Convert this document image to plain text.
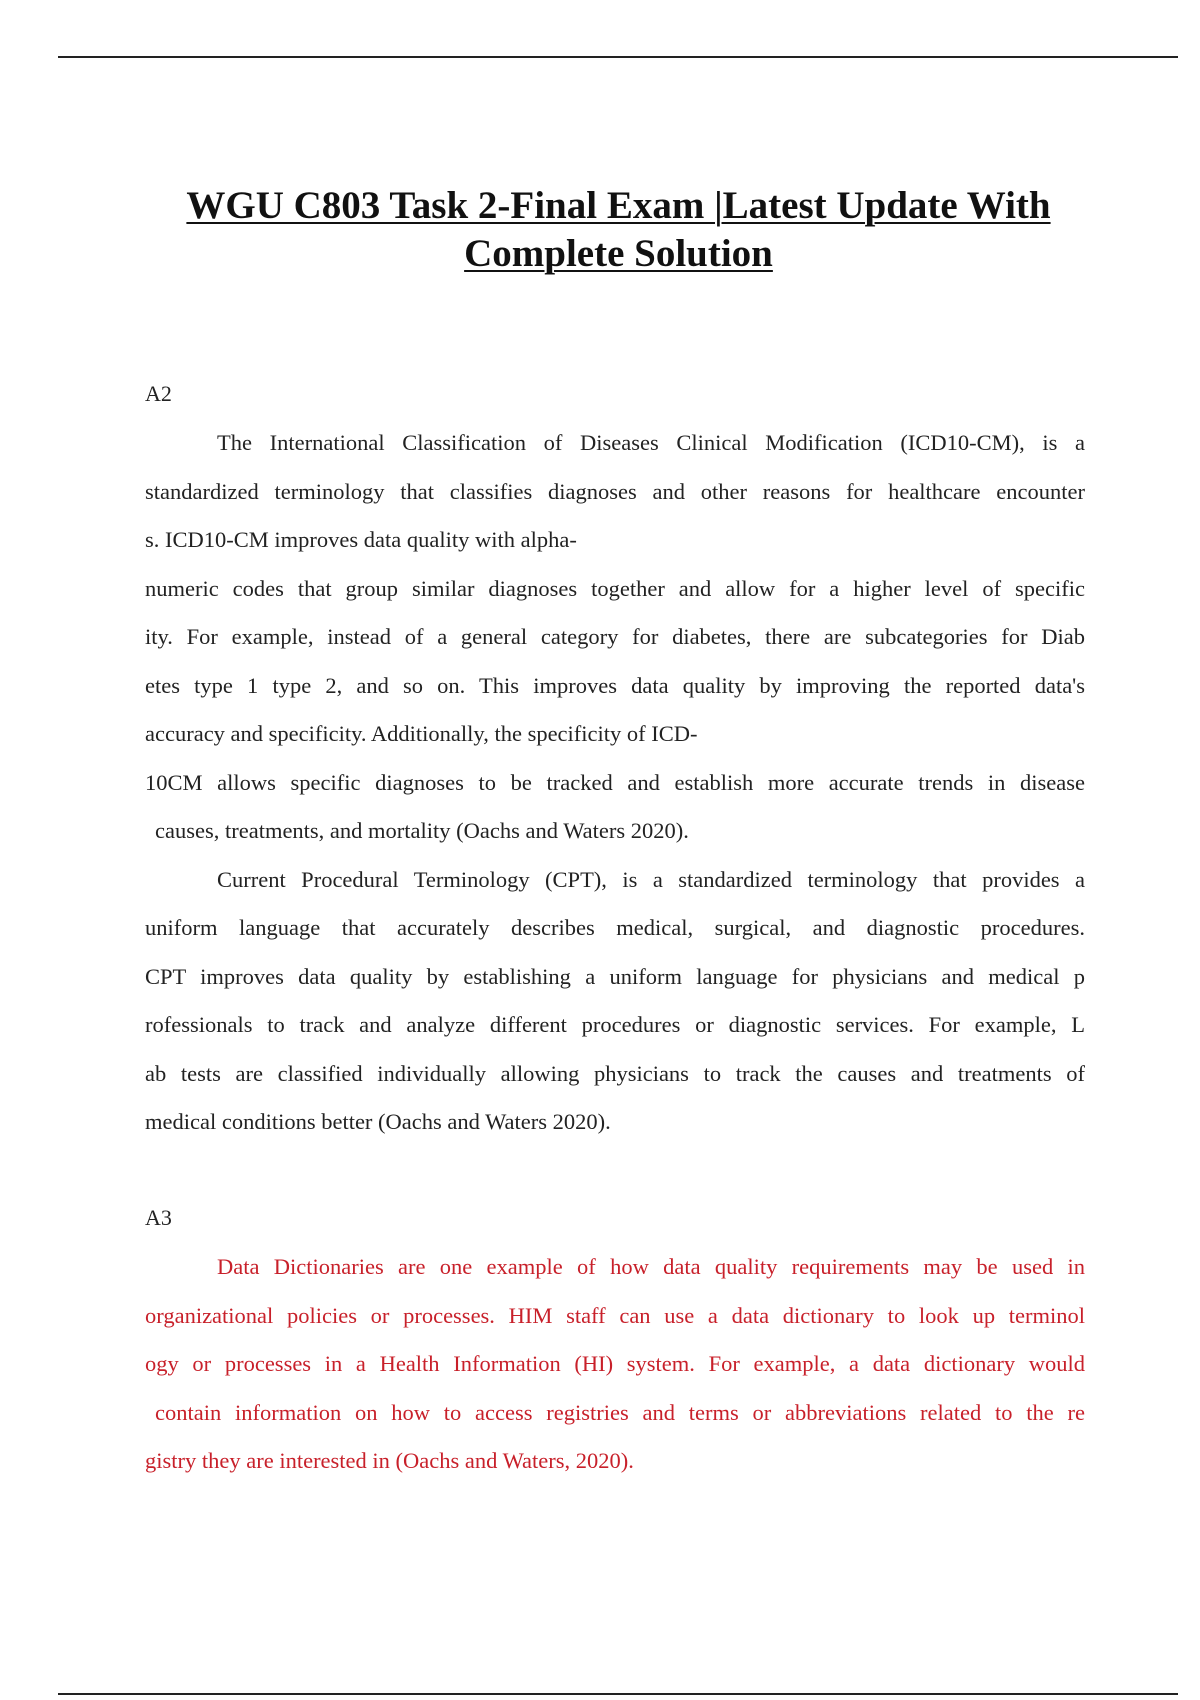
WGU C803 Task 2-Final Exam |Latest Update With
Complete Solution
A2
The International Classification of Diseases Clinical Modification (ICD10-CM), is a
standardized terminology that classifies diagnoses and other reasons for healthcare encounter
s. ICD10-CM improves data quality with alpha-
numeric codes that group similar diagnoses together and allow for a higher level of specific
ity. For example, instead of a general category for diabetes, there are subcategories for Diab
etes type 1 type 2, and so on. This improves data quality by improving the reported data's
accuracy and specificity. Additionally, the specificity of ICD-
10CM allows specific diagnoses to be tracked and establish more accurate trends in disease
causes, treatments, and mortality (Oachs and Waters 2020).
Current Procedural Terminology (CPT), is a standardized terminology that provides a
uniform language that accurately describes medical, surgical, and diagnostic procedures.
CPT improves data quality by establishing a uniform language for physicians and medical p
rofessionals to track and analyze different procedures or diagnostic services. For example, L
ab tests are classified individually allowing physicians to track the causes and treatments of
medical conditions better (Oachs and Waters 2020).
A3
Data Dictionaries are one example of how data quality requirements may be used in
organizational policies or processes. HIM staff can use a data dictionary to look up terminol
ogy or processes in a Health Information (HI) system. For example, a data dictionary would
contain information on how to access registries and terms or abbreviations related to the re
gistry they are interested in (Oachs and Waters, 2020).
